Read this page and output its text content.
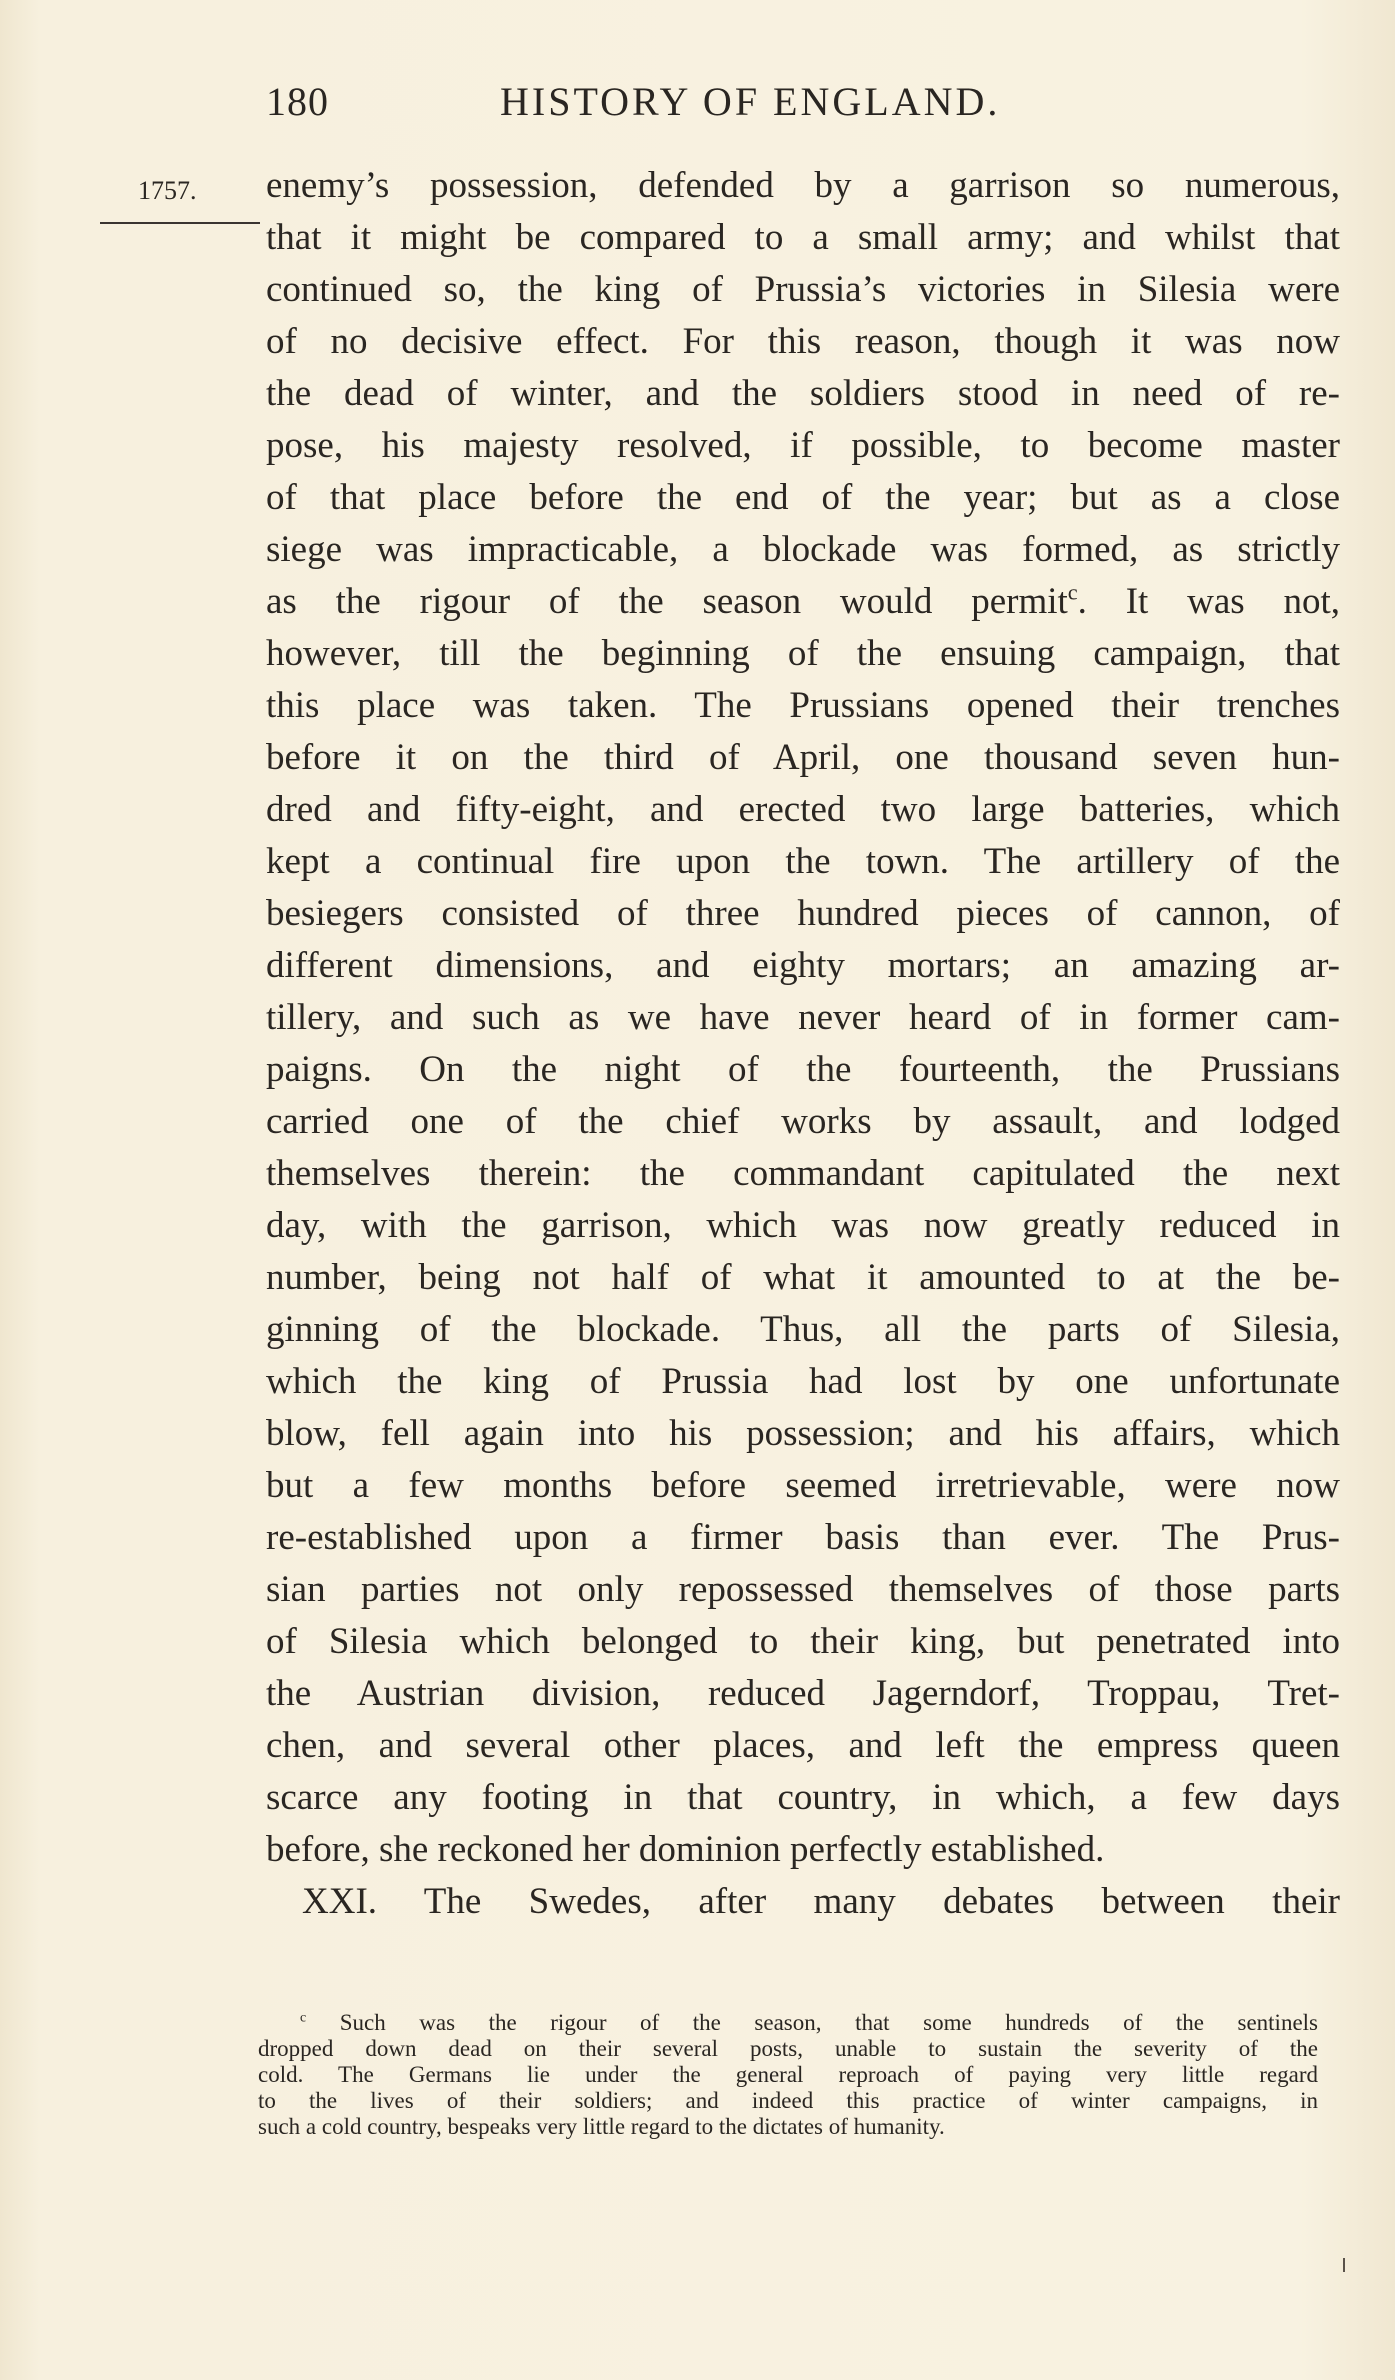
180	HISTORY OF ENGLAND.
1757. enemy’s possession, defended by a garrison so numerous,
that it might be compared to a small army; and whilst that
continued so, the king of Prussia’s victories in Silesia were
of no decisive effect. For this reason, though it was now
the dead of winter, and the soldiers stood in need of re-
pose, his majesty resolved, if possible, to become master
of that place before the end of the year; but as a close
siege was impracticable, a blockade was formed, as strictly
as the rigour of the season would permit$^c$. It was not,
however, till the beginning of the ensuing campaign, that
this place was taken. The Prussians opened their trenches
before it on the third of April, one thousand seven hun-
dred and fifty-eight, and erected two large batteries, which
kept a continual fire upon the town. The artillery of the
besiegers consisted of three hundred pieces of cannon, of
different dimensions, and eighty mortars; an amazing ar-
tillery, and such as we have never heard of in former cam-
paigns. On the night of the fourteenth, the Prussians
carried one of the chief works by assault, and lodged
themselves therein: the commandant capitulated the next
day, with the garrison, which was now greatly reduced in
number, being not half of what it amounted to at the be-
ginning of the blockade. Thus, all the parts of Silesia,
which the king of Prussia had lost by one unfortunate
blow, fell again into his possession; and his affairs, which
but a few months before seemed irretrievable, were now
re-established upon a firmer basis than ever. The Prus-
sian parties not only repossessed themselves of those parts
of Silesia which belonged to their king, but penetrated into
the Austrian division, reduced Jagerndorf, Troppau, Tret-
chen, and several other places, and left the empress queen
scarce any footing in that country, in which, a few days
before, she reckoned her dominion perfectly established.
XXI. The Swedes, after many debates between their
$^c$ Such was the rigour of the season, that some hundreds of the sentinels
dropped down dead on their several posts, unable to sustain the severity of the
cold. The Germans lie under the general reproach of paying very little regard
to the lives of their soldiers; and indeed this practice of winter campaigns, in
such a cold country, bespeaks very little regard to the dictates of humanity.
